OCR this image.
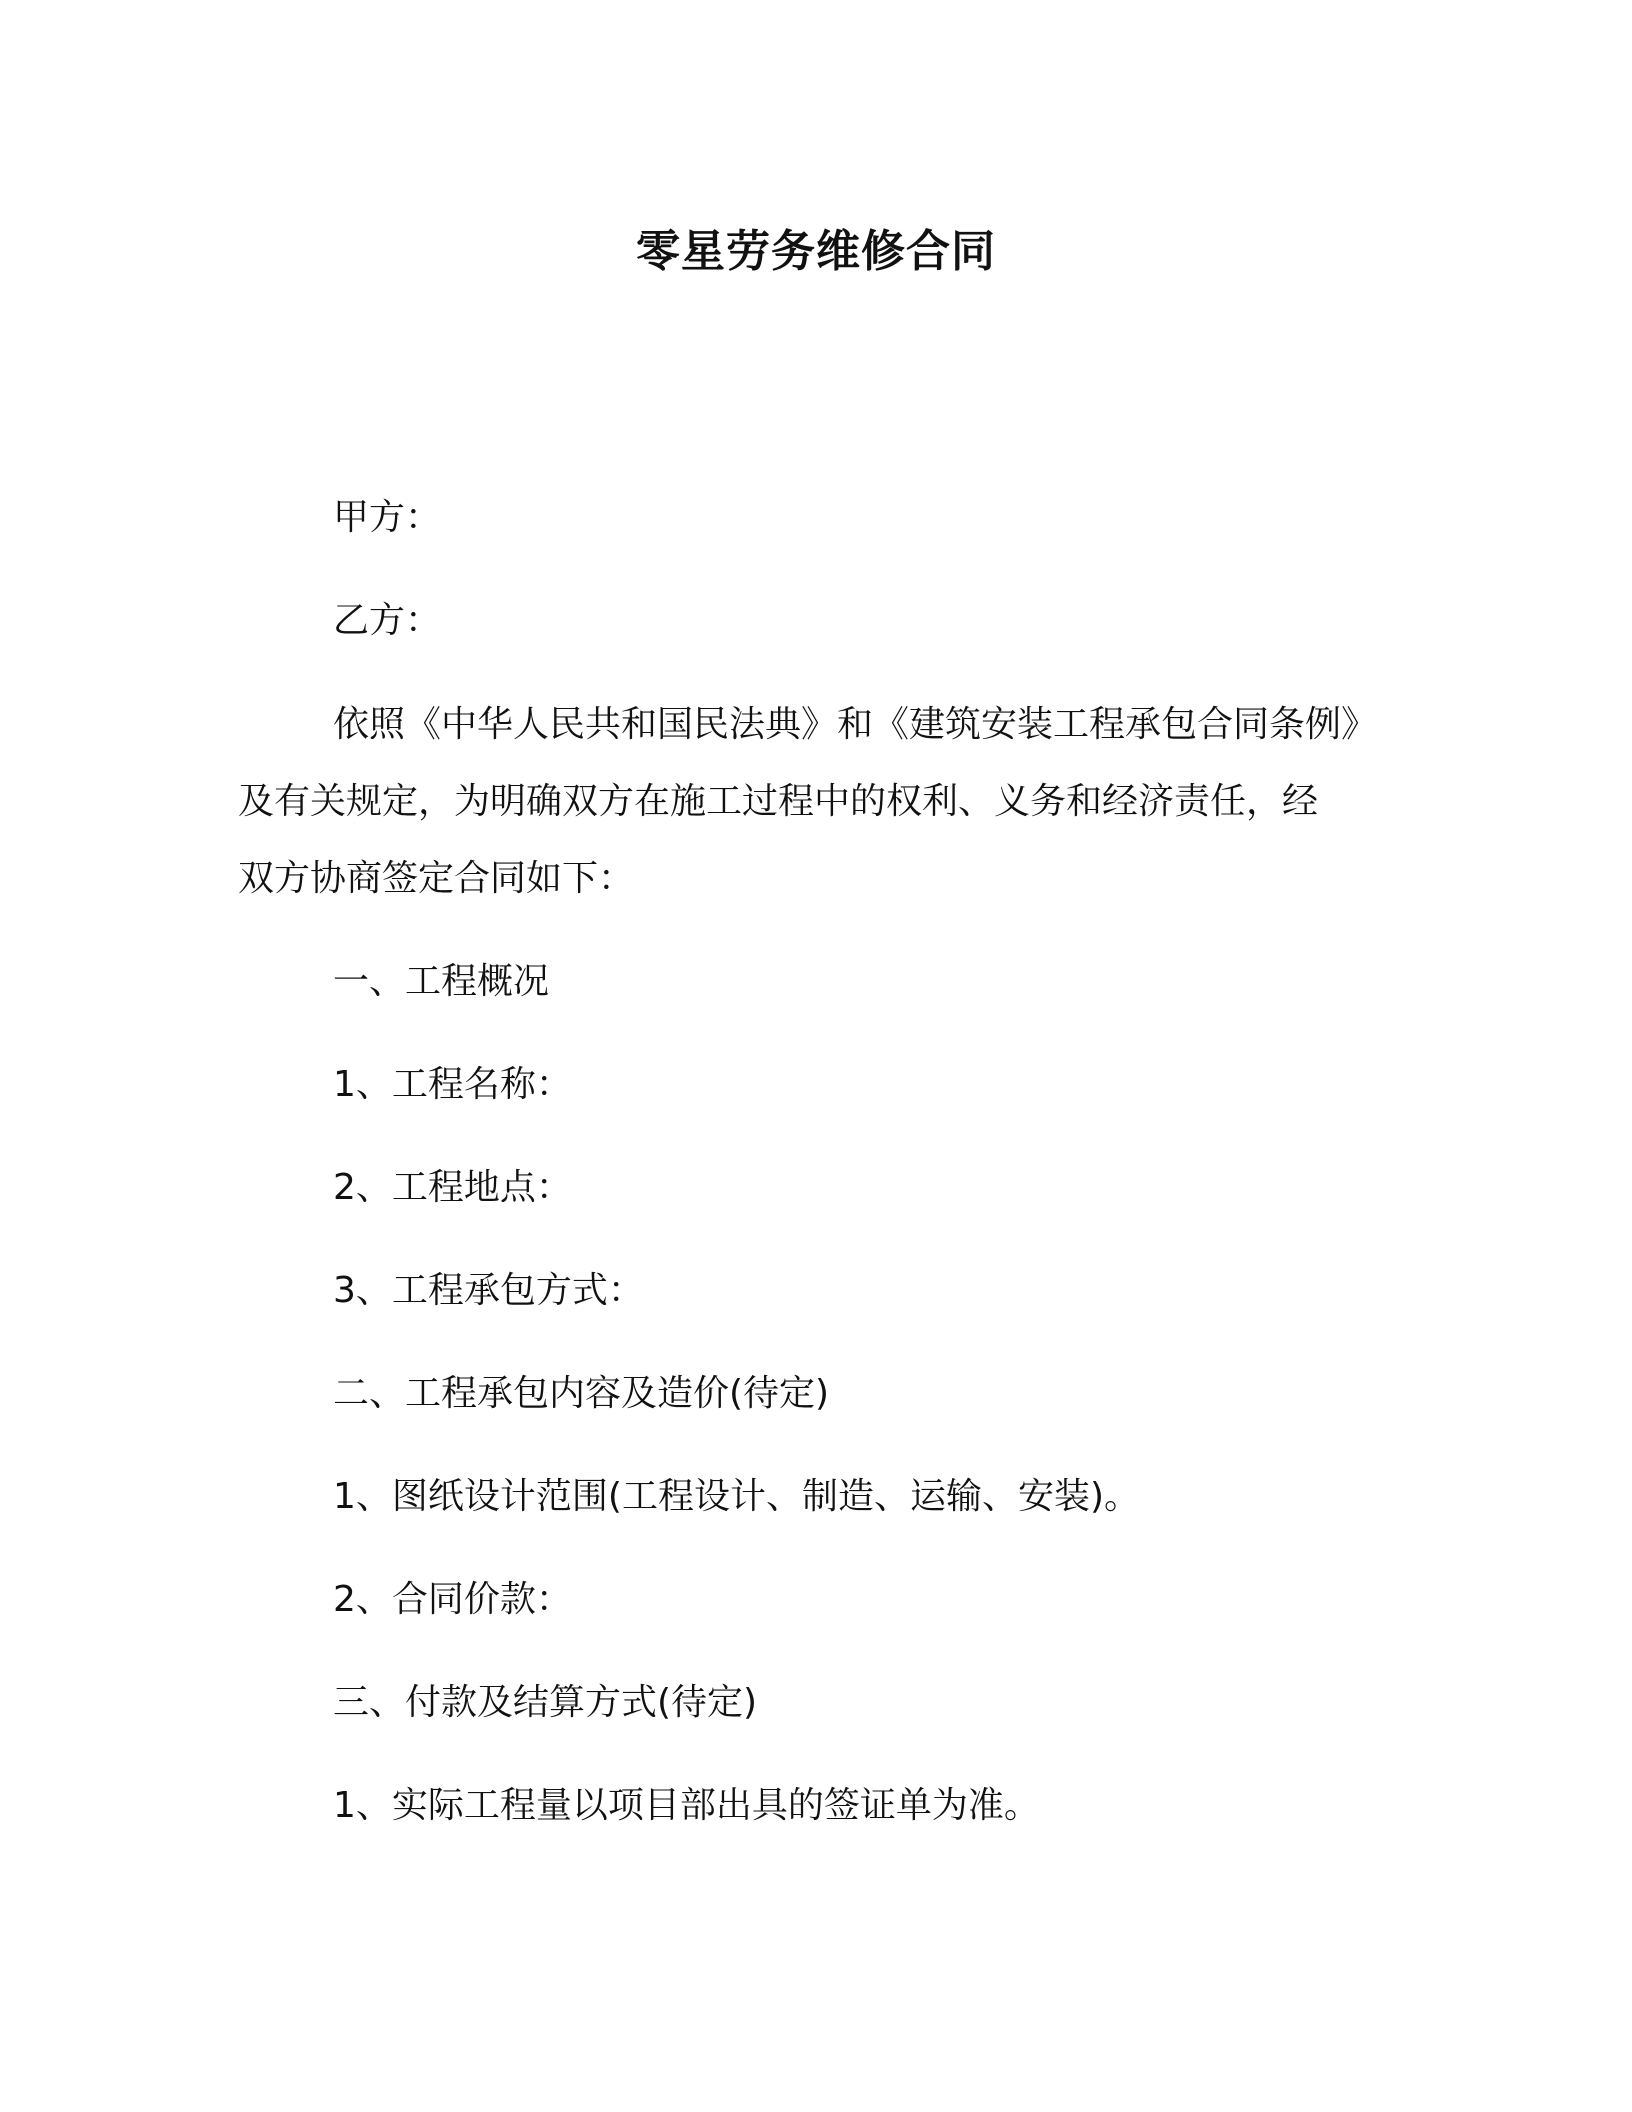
零星劳务维修合同

甲方：

乙方：

依照《中华人民共和国民法典》和《建筑安装工程承包合同条例》

及有关规定，为明确双方在施工过程中的权利、义务和经济责任，经

双方协商签定合同如下：

一、工程概况

1、工程名称：

2、工程地点：

3、工程承包方式：

二、工程承包内容及造价(待定)

1、图纸设计范围(工程设计、制造、运输、安装)。

2、合同价款：

三、付款及结算方式(待定)

1、实际工程量以项目部出具的签证单为准。
